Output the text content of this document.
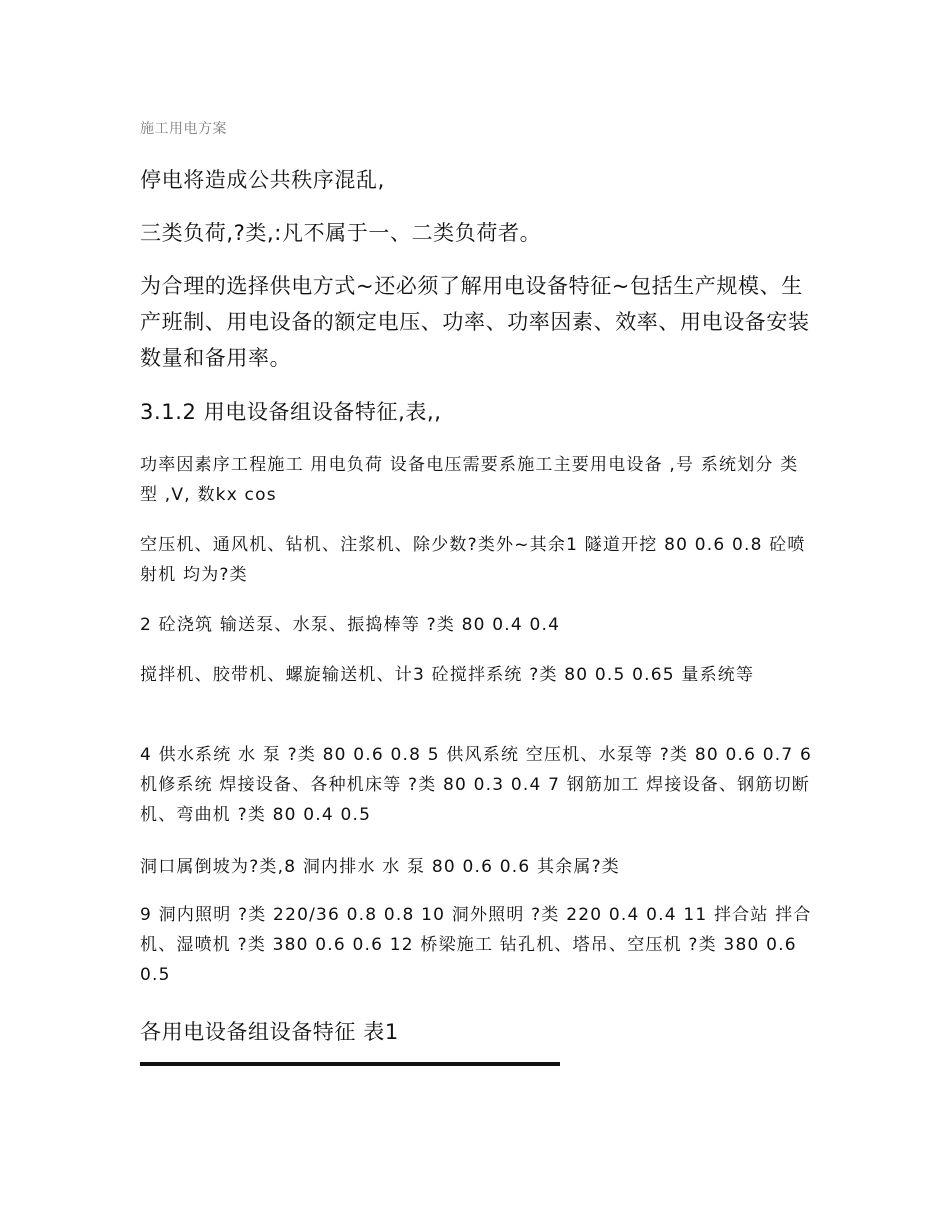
施工用电方案

停电将造成公共秩序混乱,

三类负荷,?类,:凡不属于一、二类负荷者。

为合理的选择供电方式~还必须了解用电设备特征~包括生产规模、生产班制、用电设备的额定电压、功率、功率因素、效率、用电设备安装数量和备用率。

3.1.2 用电设备组设备特征,表,,

功率因素序工程施工 用电负荷 设备电压需要系施工主要用电设备 ,号 系统划分 类 型 ,V, 数kx cos

空压机、通风机、钻机、注浆机、除少数?类外~其余1 隧道开挖 80 0.6 0.8 砼喷射机 均为?类

2 砼浇筑 输送泵、水泵、振捣棒等 ?类 80 0.4 0.4

搅拌机、胶带机、螺旋输送机、计3 砼搅拌系统 ?类 80 0.5 0.65 量系统等

4 供水系统 水 泵 ?类 80 0.6 0.8 5 供风系统 空压机、水泵等 ?类 80 0.6 0.7 6 机修系统 焊接设备、各种机床等 ?类 80 0.3 0.4 7 钢筋加工 焊接设备、钢筋切断机、弯曲机 ?类 80 0.4 0.5

洞口属倒坡为?类,8 洞内排水 水 泵 80 0.6 0.6 其余属?类

9 洞内照明 ?类 220/36 0.8 0.8 10 洞外照明 ?类 220 0.4 0.4 11 拌合站 拌合机、湿喷机 ?类 380 0.6 0.6 12 桥梁施工 钻孔机、塔吊、空压机 ?类 380 0.6 0.5

各用电设备组设备特征 表1
